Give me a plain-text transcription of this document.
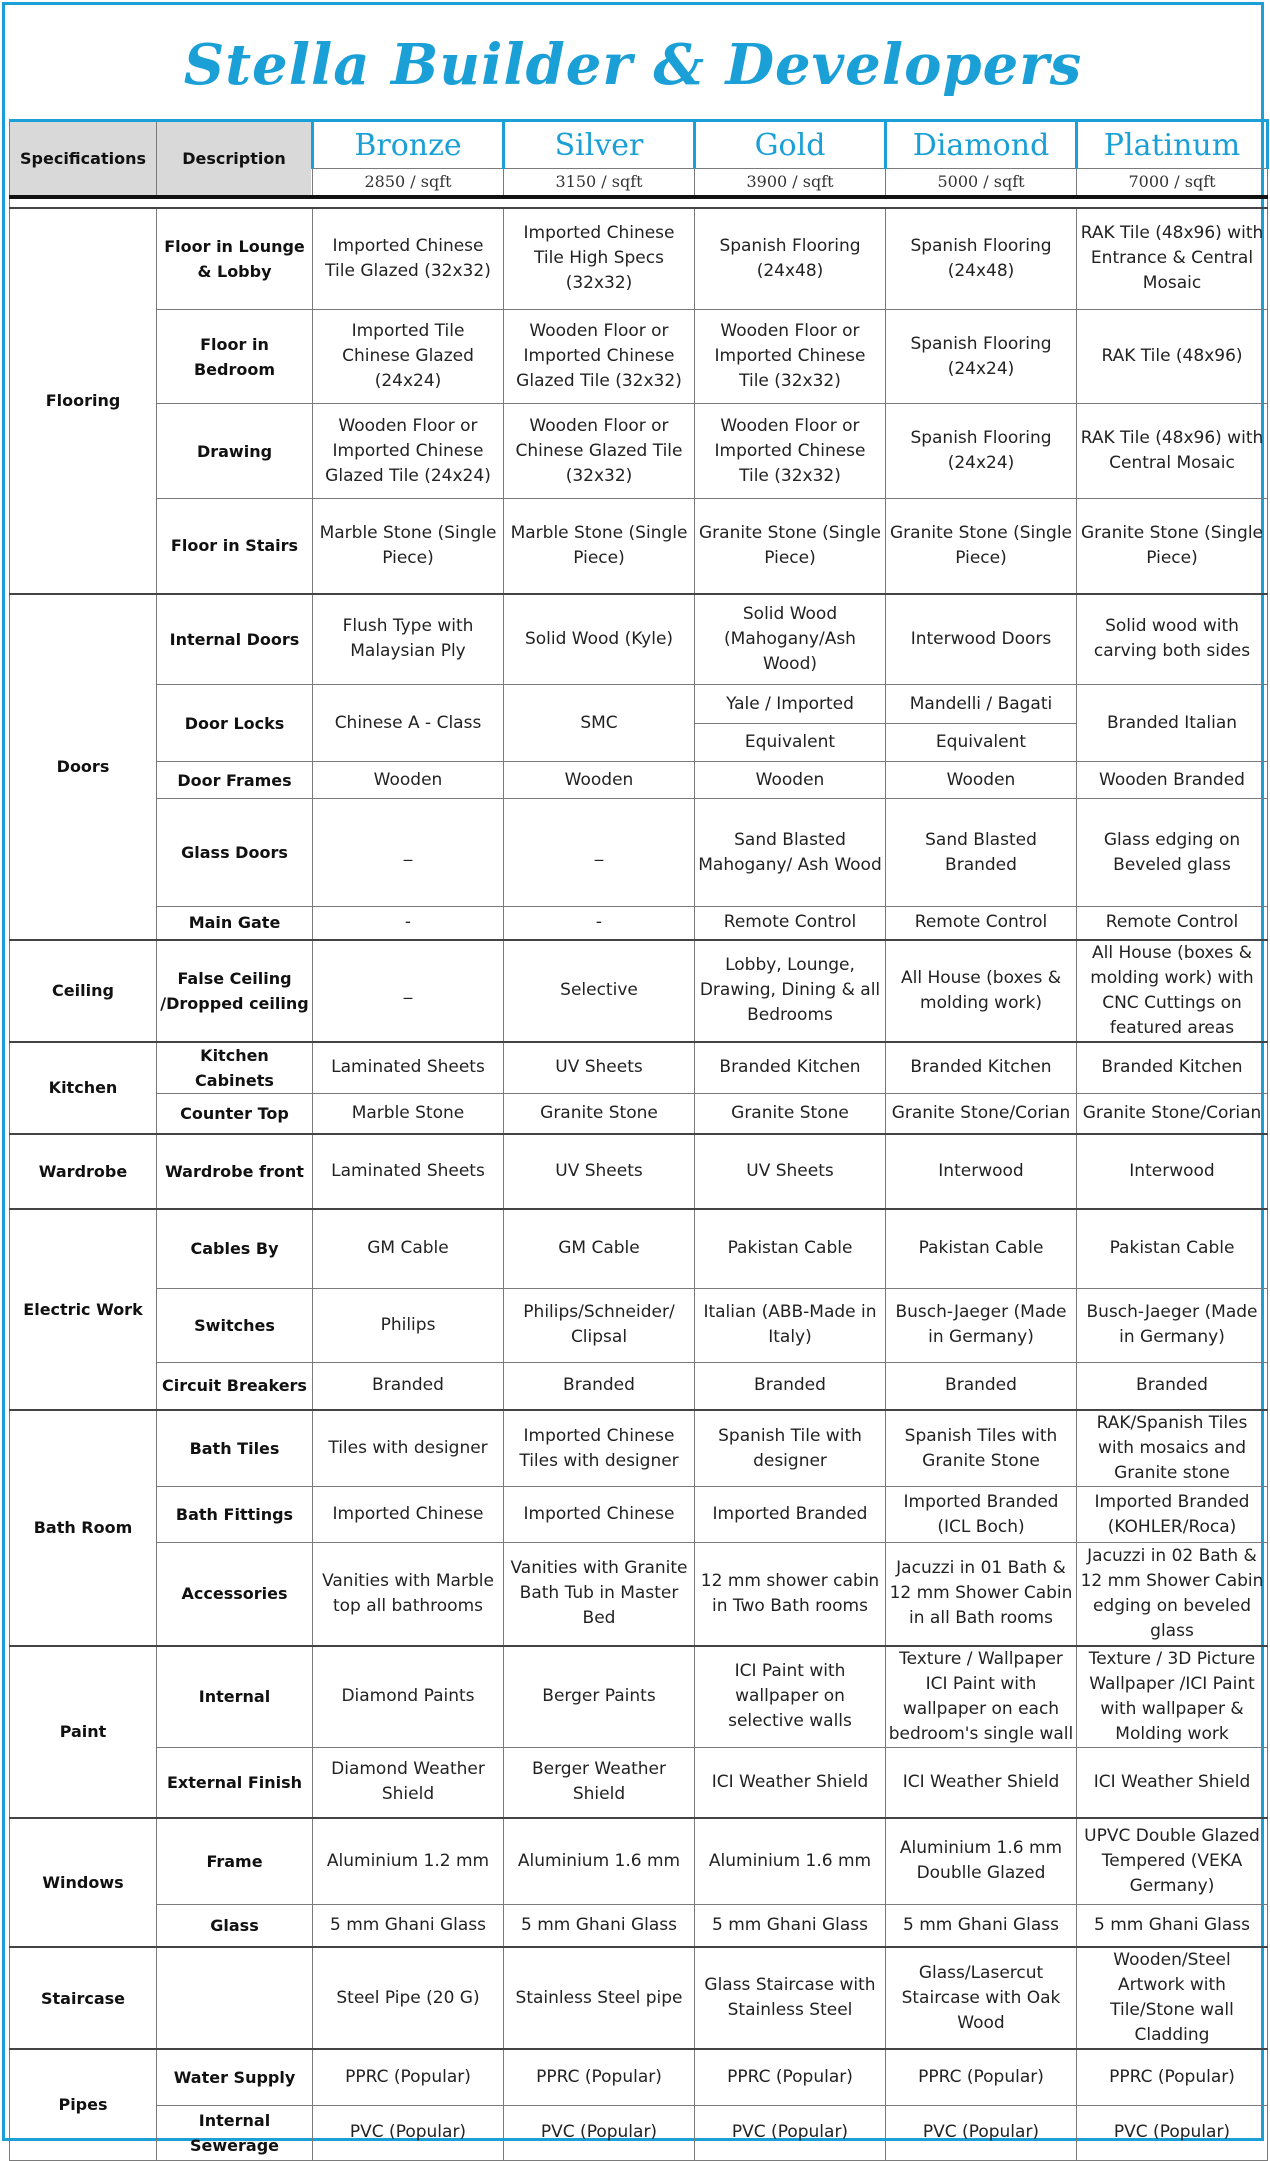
Stella Builder & Developers
Specifications	Description	Bronze	Silver	Gold	Diamond	Platinum
		2850 / sqft	3150 / sqft	3900 / sqft	5000 / sqft	7000 / sqft

Flooring	Floor in Lounge & Lobby	Imported Chinese Tile Glazed (32x32)	Imported Chinese Tile High Specs (32x32)	Spanish Flooring (24x48)	Spanish Flooring (24x48)	RAK Tile (48x96) with Entrance & Central Mosaic
	Floor in Bedroom	Imported Tile Chinese Glazed (24x24)	Wooden Floor or Imported Chinese Glazed Tile (32x32)	Wooden Floor or Imported Chinese Tile (32x32)	Spanish Flooring (24x24)	RAK Tile (48x96)
	Drawing	Wooden Floor or Imported Chinese Glazed Tile (24x24)	Wooden Floor or Chinese Glazed Tile (32x32)	Wooden Floor or Imported Chinese Tile (32x32)	Spanish Flooring (24x24)	RAK Tile (48x96) with Central Mosaic
	Floor in Stairs	Marble Stone (Single Piece)	Marble Stone (Single Piece)	Granite Stone (Single Piece)	Granite Stone (Single Piece)	Granite Stone (Single Piece)
Doors	Internal Doors	Flush Type with Malaysian Ply	Solid Wood (Kyle)	Solid Wood (Mahogany/Ash Wood)	Interwood Doors	Solid wood with carving both sides
	Door Locks	Chinese A - Class	SMC	Yale / Imported	Mandelli / Bagati	Branded Italian
				Equivalent	Equivalent	
	Door Frames	Wooden	Wooden	Wooden	Wooden	Wooden Branded
	Glass Doors	_	_	Sand Blasted Mahogany/ Ash Wood	Sand Blasted Branded	Glass edging on Beveled glass
	Main Gate	-	-	Remote Control	Remote Control	Remote Control
Ceiling	False Ceiling /Dropped ceiling	_	Selective	Lobby, Lounge, Drawing, Dining & all Bedrooms	All House (boxes & molding work)	All House (boxes & molding work) with CNC Cuttings on featured areas
Kitchen	Kitchen Cabinets	Laminated Sheets	UV Sheets	Branded Kitchen	Branded Kitchen	Branded Kitchen
	Counter Top	Marble Stone	Granite Stone	Granite Stone	Granite Stone/Corian	Granite Stone/Corian
Wardrobe	Wardrobe front	Laminated Sheets	UV Sheets	UV Sheets	Interwood	Interwood
Electric Work	Cables By	GM Cable	GM Cable	Pakistan Cable	Pakistan Cable	Pakistan Cable
	Switches	Philips	Philips/Schneider/ Clipsal	Italian (ABB-Made in Italy)	Busch-Jaeger (Made in Germany)	Busch-Jaeger (Made in Germany)
	Circuit Breakers	Branded	Branded	Branded	Branded	Branded
Bath Room	Bath Tiles	Tiles with designer	Imported Chinese Tiles with designer	Spanish Tile with designer	Spanish Tiles with Granite Stone	RAK/Spanish Tiles with mosaics and Granite stone
	Bath Fittings	Imported Chinese	Imported Chinese	Imported Branded	Imported Branded (ICL Boch)	Imported Branded (KOHLER/Roca)
	Accessories	Vanities with Marble top all bathrooms	Vanities with Granite Bath Tub in Master Bed	12 mm shower cabin in Two Bath rooms	Jacuzzi in 01 Bath & 12 mm Shower Cabin in all Bath rooms	Jacuzzi in 02 Bath & 12 mm Shower Cabin edging on beveled glass
Paint	Internal	Diamond Paints	Berger Paints	ICI Paint with wallpaper on selective walls	Texture / Wallpaper ICI Paint with wallpaper on each bedroom's single wall	Texture / 3D Picture Wallpaper /ICI Paint with wallpaper & Molding work
	External Finish	Diamond Weather Shield	Berger Weather Shield	ICI Weather Shield	ICI Weather Shield	ICI Weather Shield
Windows	Frame	Aluminium 1.2 mm	Aluminium 1.6 mm	Aluminium 1.6 mm	Aluminium 1.6 mm Doublle Glazed	UPVC Double Glazed Tempered (VEKA Germany)
	Glass	5 mm Ghani Glass	5 mm Ghani Glass	5 mm Ghani Glass	5 mm Ghani Glass	5 mm Ghani Glass
Staircase		Steel Pipe (20 G)	Stainless Steel pipe	Glass Staircase with Stainless Steel	Glass/Lasercut Staircase with Oak Wood	Wooden/Steel Artwork with Tile/Stone wall Cladding
Pipes	Water Supply	PPRC (Popular)	PPRC (Popular)	PPRC (Popular)	PPRC (Popular)	PPRC (Popular)
	Internal Sewerage	PVC (Popular)	PVC (Popular)	PVC (Popular)	PVC (Popular)	PVC (Popular)
